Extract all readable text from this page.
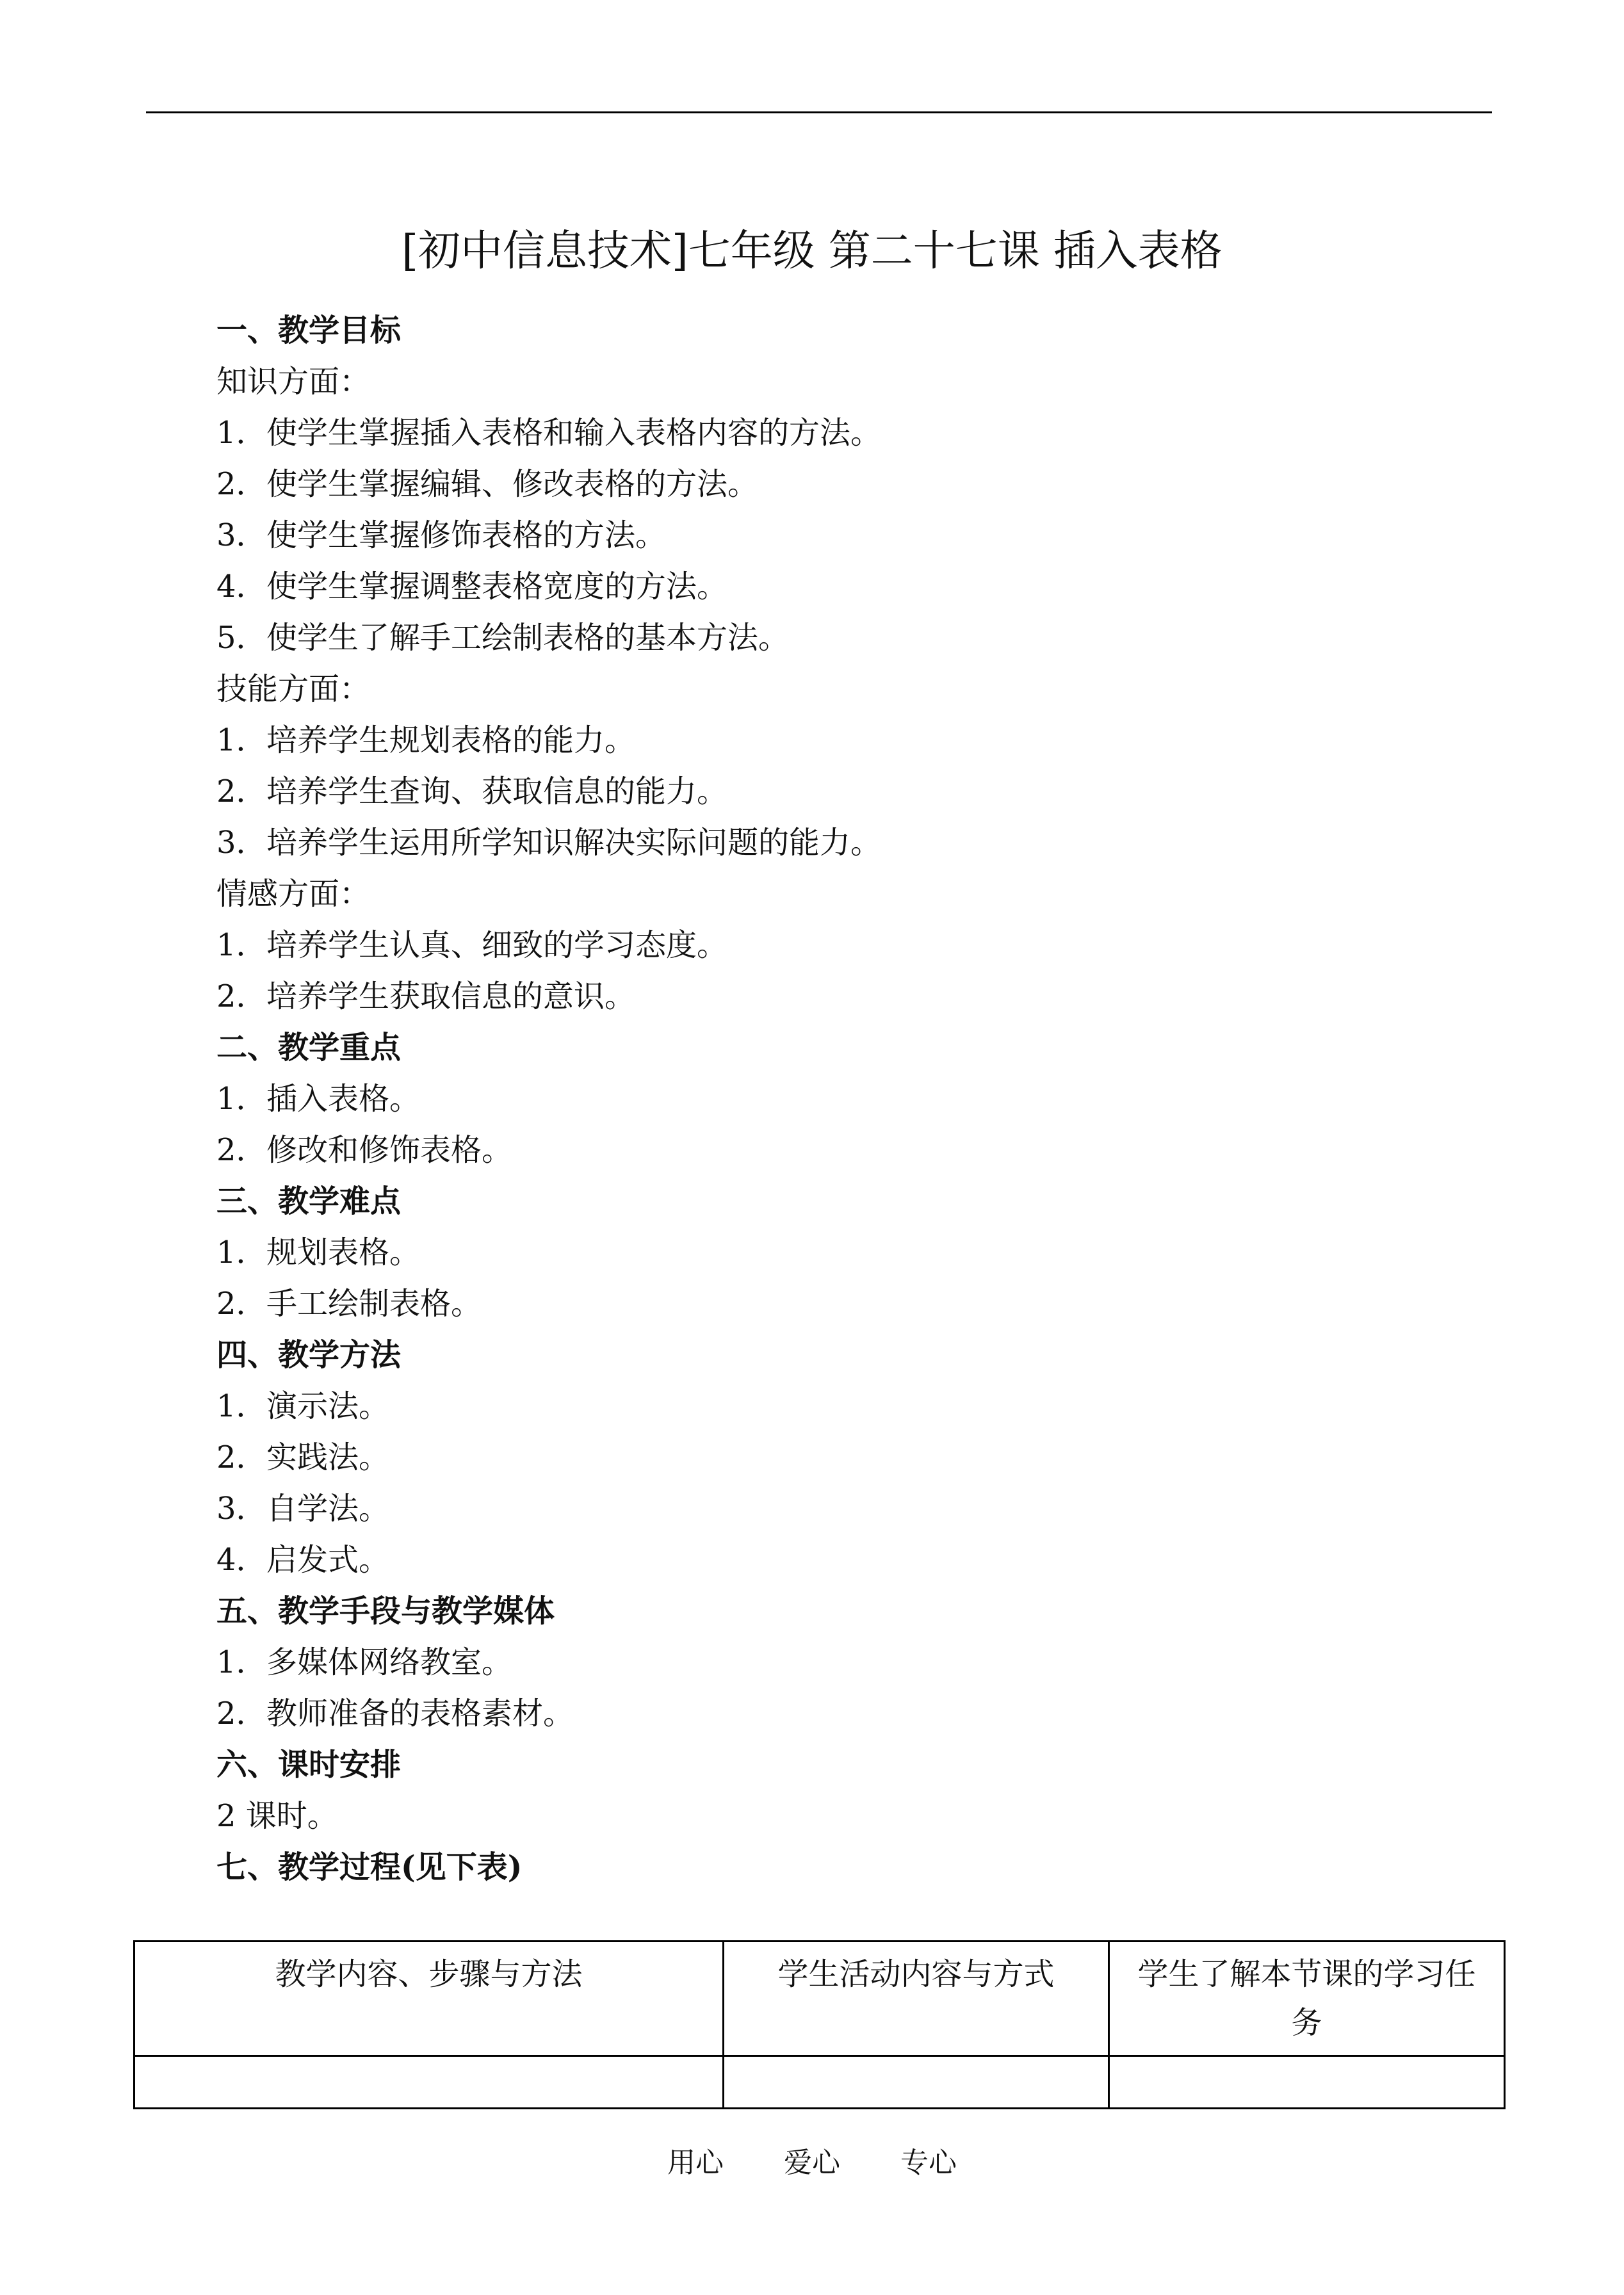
[初中信息技术]七年级 第二十七课 插入表格
一、教学目标
知识方面：
1．使学生掌握插入表格和输入表格内容的方法。
2．使学生掌握编辑、修改表格的方法。
3．使学生掌握修饰表格的方法。
4．使学生掌握调整表格宽度的方法。
5．使学生了解手工绘制表格的基本方法。
技能方面：
1．培养学生规划表格的能力。
2．培养学生查询、获取信息的能力。
3．培养学生运用所学知识解决实际问题的能力。
情感方面：
1．培养学生认真、细致的学习态度。
2．培养学生获取信息的意识。
二、教学重点
1．插入表格。
2．修改和修饰表格。
三、教学难点
1．规划表格。
2．手工绘制表格。
四、教学方法
1．演示法。
2．实践法。
3．自学法。
4．启发式。
五、教学手段与教学媒体
1．多媒体网络教室。
2．教师准备的表格素材。
六、课时安排
2 课时。
七、教学过程(见下表)
教学内容、步骤与方法	学生活动内容与方式	学生了解本节课的学习任务

用心 爱心 专心
